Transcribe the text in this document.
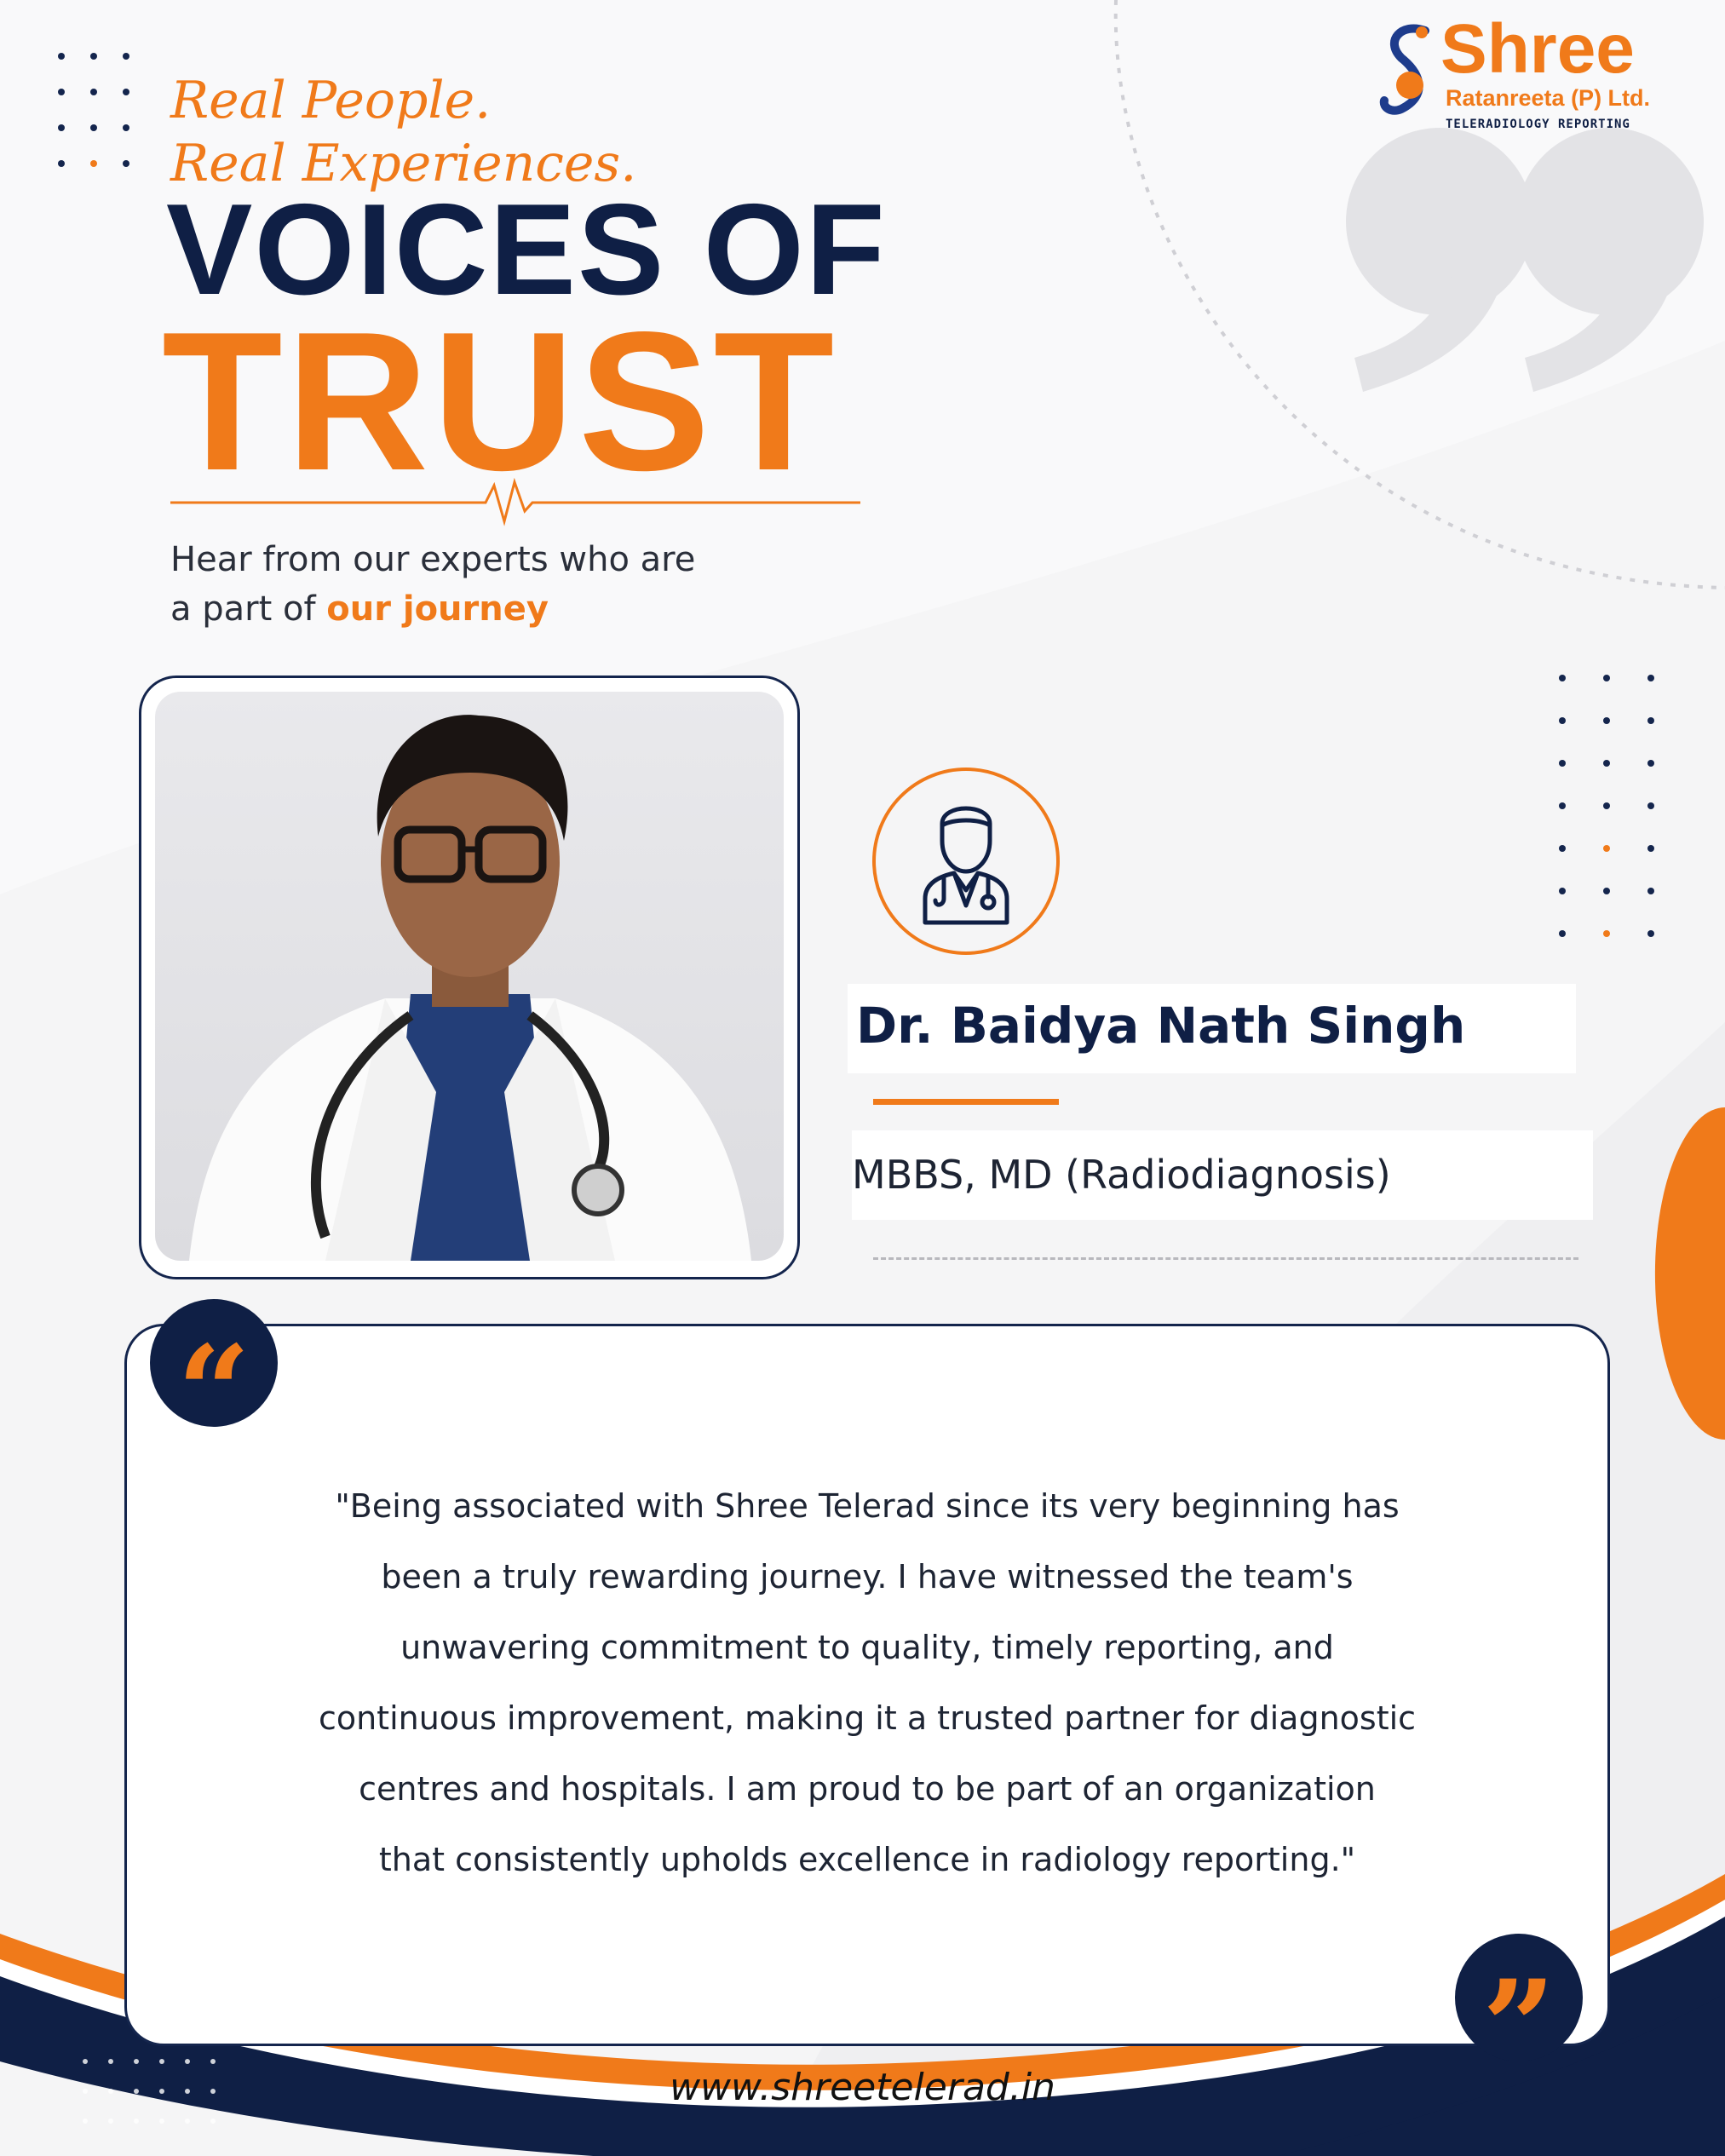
Shree
Ratanreeta (P) Ltd.
TELERADIOLOGY REPORTING
Real People.
Real Experiences.
VOICES OF
TRUST
Hear from our experts who are
a part of our journey
Dr. Baidya Nath Singh
MBBS, MD (Radiodiagnosis)
"Being associated with Shree Telerad since its very beginning has
been a truly rewarding journey. I have witnessed the team's
unwavering commitment to quality, timely reporting, and
continuous improvement, making it a trusted partner for diagnostic
centres and hospitals. I am proud to be part of an organization
that consistently upholds excellence in radiology reporting."
“
”
www.shreetelerad.in
